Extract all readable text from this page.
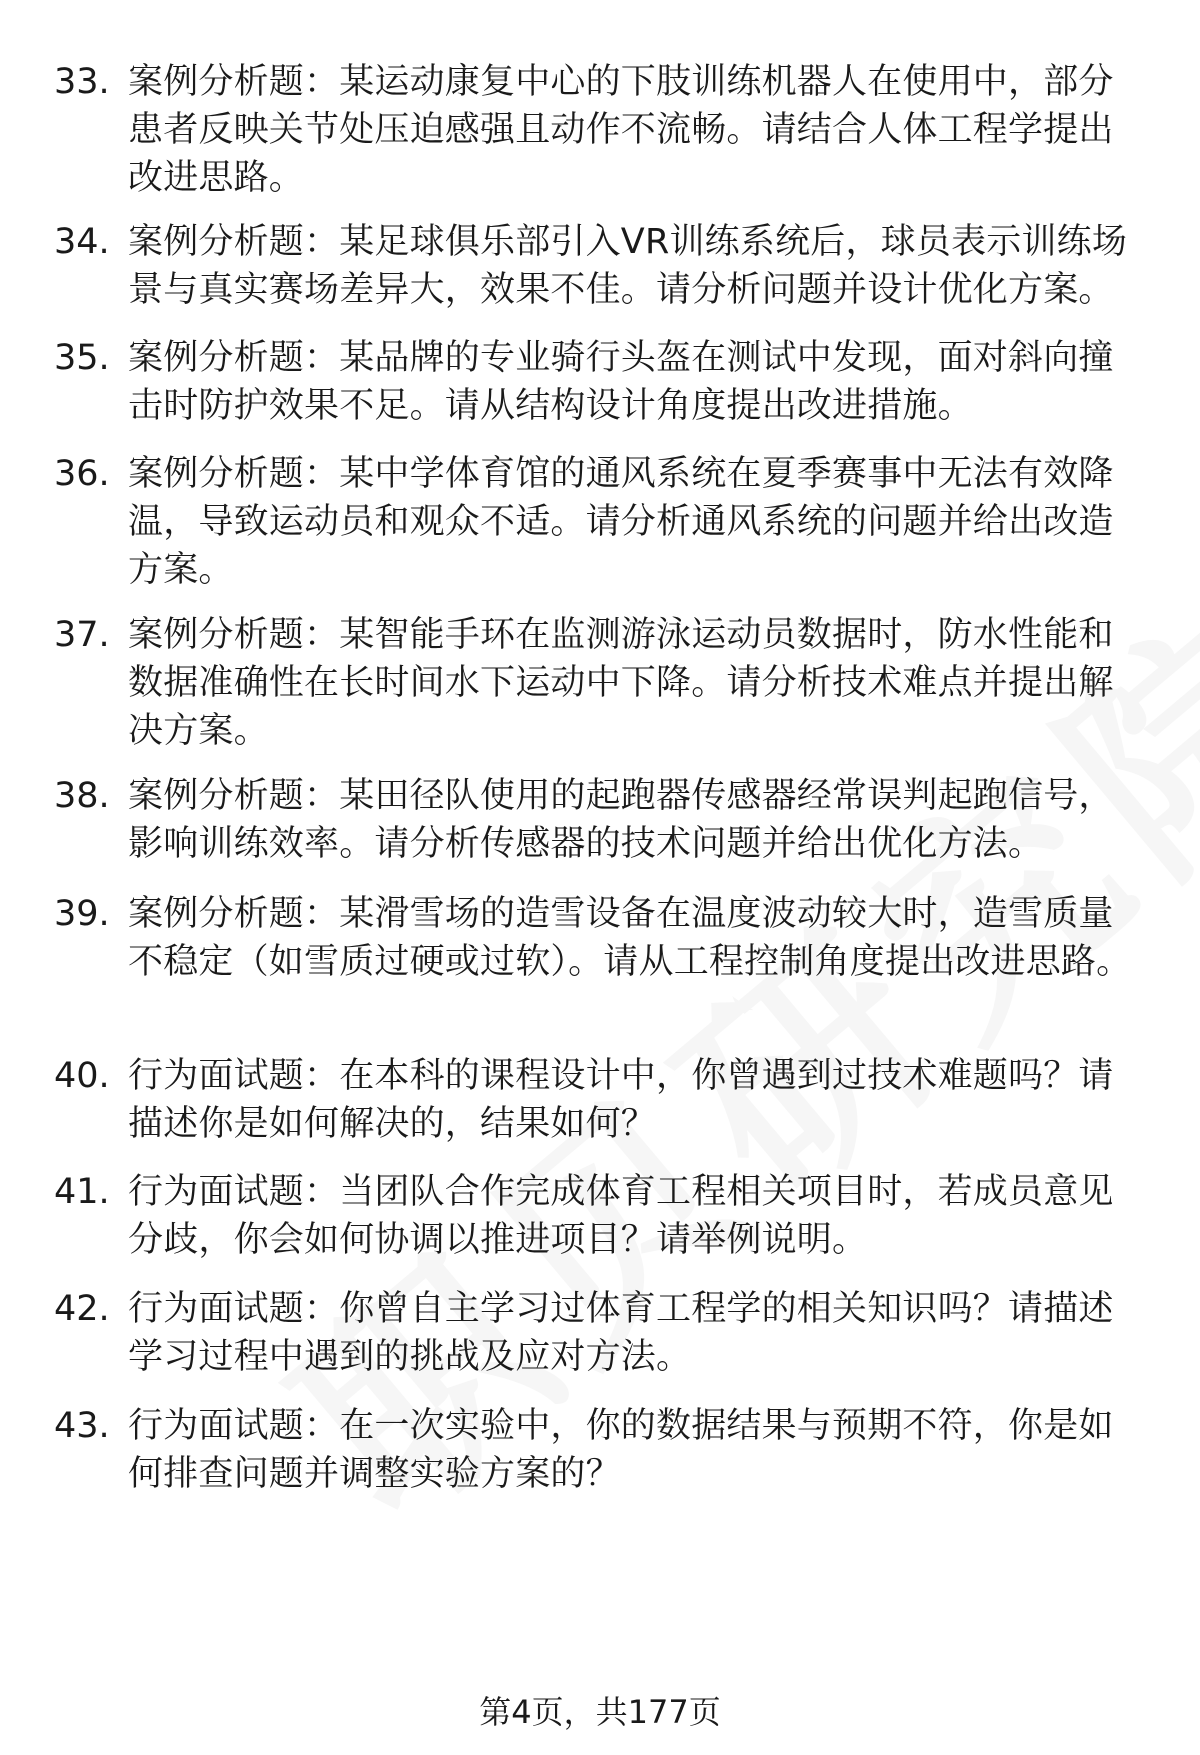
33. 案例分析题：某运动康复中心的下肢训练机器人在使用中，部分患者反映关节处压迫感强且动作不流畅。请结合人体工程学提出改进思路。
34. 案例分析题：某足球俱乐部引入VR训练系统后，球员表示训练场景与真实赛场差异大，效果不佳。请分析问题并设计优化方案。
35. 案例分析题：某品牌的专业骑行头盔在测试中发现，面对斜向撞击时防护效果不足。请从结构设计角度提出改进措施。
36. 案例分析题：某中学体育馆的通风系统在夏季赛事中无法有效降温，导致运动员和观众不适。请分析通风系统的问题并给出改造方案。
37. 案例分析题：某智能手环在监测游泳运动员数据时，防水性能和数据准确性在长时间水下运动中下降。请分析技术难点并提出解决方案。
38. 案例分析题：某田径队使用的起跑器传感器经常误判起跑信号，影响训练效率。请分析传感器的技术问题并给出优化方法。
39. 案例分析题：某滑雪场的造雪设备在温度波动较大时，造雪质量不稳定（如雪质过硬或过软）。请从工程控制角度提出改进思路。
40. 行为面试题：在本科的课程设计中，你曾遇到过技术难题吗？请描述你是如何解决的，结果如何？
41. 行为面试题：当团队合作完成体育工程相关项目时，若成员意见分歧，你会如何协调以推进项目？请举例说明。
42. 行为面试题：你曾自主学习过体育工程学的相关知识吗？请描述学习过程中遇到的挑战及应对方法。
43. 行为面试题：在一次实验中，你的数据结果与预期不符，你是如何排查问题并调整实验方案的？
第4页，共177页
